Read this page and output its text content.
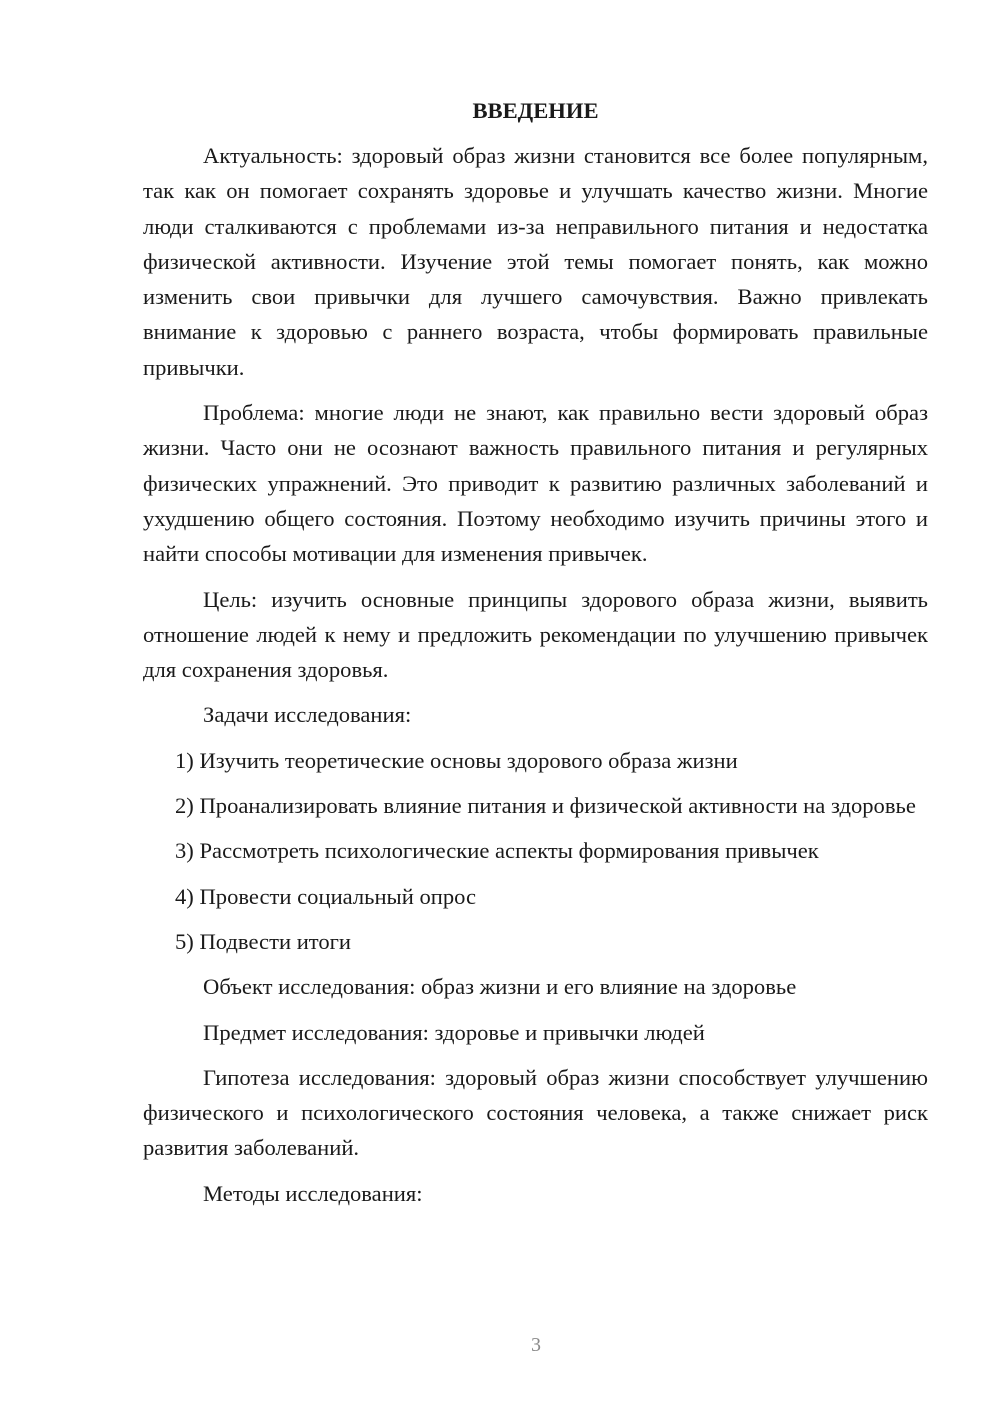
ВВЕДЕНИЕ

Актуальность: здоровый образ жизни становится все более популярным, так как он помогает сохранять здоровье и улучшать качество жизни. Многие люди сталкиваются с проблемами из-за неправильного питания и недостатка физической активности. Изучение этой темы помогает понять, как можно изменить свои привычки для лучшего самочувствия. Важно привлекать внимание к здоровью с раннего возраста, чтобы формировать правильные привычки.

Проблема: многие люди не знают, как правильно вести здоровый образ жизни. Часто они не осознают важность правильного питания и регулярных физических упражнений. Это приводит к развитию различных заболеваний и ухудшению общего состояния. Поэтому необходимо изучить причины этого и найти способы мотивации для изменения привычек.

Цель: изучить основные принципы здорового образа жизни, выявить отношение людей к нему и предложить рекомендации по улучшению привычек для сохранения здоровья.

Задачи исследования:

1) Изучить теоретические основы здорового образа жизни

2) Проанализировать влияние питания и физической активности на здоровье

3) Рассмотреть психологические аспекты формирования привычек

4) Провести социальный опрос

5) Подвести итоги

Объект исследования: образ жизни и его влияние на здоровье

Предмет исследования: здоровье и привычки людей

Гипотеза исследования: здоровый образ жизни способствует улучшению физического и психологического состояния человека, а также снижает риск развития заболеваний.

Методы исследования:

3
